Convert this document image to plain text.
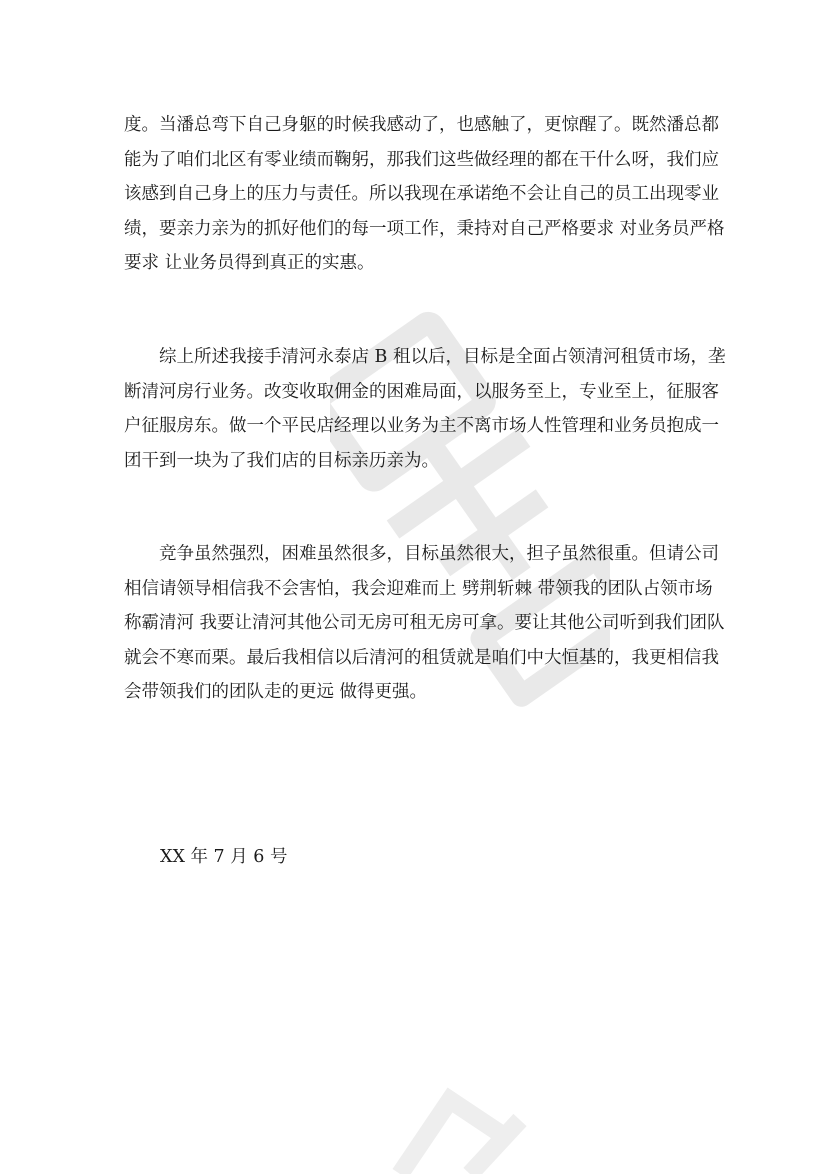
度。当潘总弯下自己身躯的时候我感动了，也感触了，更惊醒了。既然潘总都
能为了咱们北区有零业绩而鞠躬，那我们这些做经理的都在干什么呀，我们应
该感到自己身上的压力与责任。所以我现在承诺绝不会让自己的员工出现零业
绩，要亲力亲为的抓好他们的每一项工作，秉持对自己严格要求 对业务员严格
要求 让业务员得到真正的实惠。

　　综上所述我接手清河永泰店 B 租以后，目标是全面占领清河租赁市场，垄
断清河房行业务。改变收取佣金的困难局面，以服务至上，专业至上，征服客
户征服房东。做一个平民店经理以业务为主不离市场人性管理和业务员抱成一
团干到一块为了我们店的目标亲历亲为。

　　竞争虽然强烈，困难虽然很多，目标虽然很大，担子虽然很重。但请公司
相信请领导相信我不会害怕，我会迎难而上 劈荆斩棘 带领我的团队占领市场
称霸清河 我要让清河其他公司无房可租无房可拿。要让其他公司听到我们团队
就会不寒而栗。最后我相信以后清河的租赁就是咱们中大恒基的，我更相信我
会带领我们的团队走的更远 做得更强。

XX 年 7 月 6 号
